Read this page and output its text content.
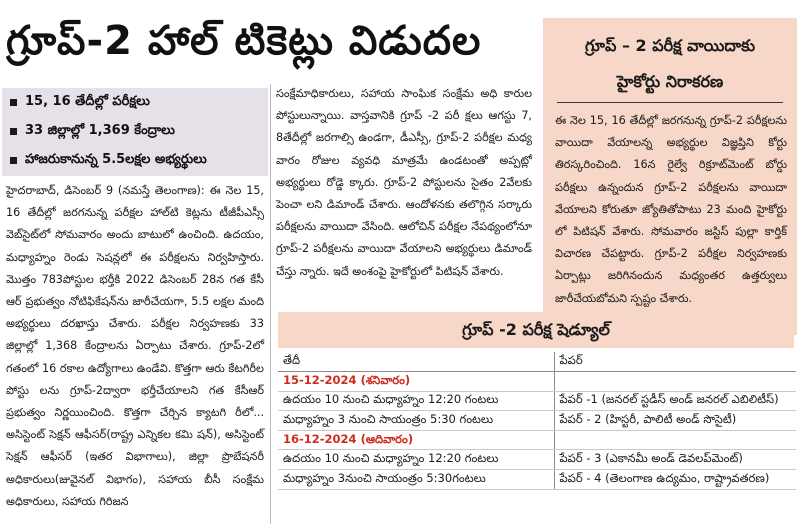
గ్రూప్‌-2 హాల్‌ టికెట్లు విడుదల
15, 16 తేదీల్లో పరీక్షలు
33 జిల్లాల్లో 1,369 కేంద్రాలు
హాజరుకానున్న 5.5లక్షల అభ్యర్థులు

హైదరాబాద్‌, డిసెంబర్‌ 9 (నమస్తే తెలంగాణ): ఈ నెల 15, 16 తేదీల్లో జరగనున్న పరీక్షల హాల్‌టి కెట్లను టీజీపీఎస్సీ వెబ్‌సైట్‌లో సోమవారం అందు బాటులో ఉంచింది. ఉదయం, మధ్యాహ్నం రెండు సెషన్లలో ఈ పరీక్షలను నిర్వహిస్తారు. మొత్తం 783పోస్టుల భర్తీకి 2022 డిసెంబర్‌ 28న గత కేసీ ఆర్‌ ప్రభుత్వం నోటిఫికేషన్‌ను జారీచేయగా, 5.5 లక్షల మంది అభ్యర్థులు దరఖాస్తు చేశారు. పరీక్షల నిర్వహణకు 33 జిల్లాల్లో 1,368 కేంద్రాలను ఏర్పాటు చేశారు. గ్రూప్‌-2లో గతంలో 16 రకాల ఉద్యోగాలు ఉండేవి. కొత్తగా ఆరు కేటగిరీల పోస్టు లను గ్రూప్‌-2ద్వారా భర్తీచేయాలని గత కేసీఆర్‌ ప్రభుత్వం నిర్ణయించింది. కొత్తగా చేర్చిన క్యాటగి రీలో... అసిస్టెంట్‌ సెక్షన్‌ ఆఫీసర్‌(రాష్ట్ర ఎన్నికల కమి షన్‌), అసిస్టెంట్‌ సెక్షన్‌ ఆఫీసర్‌ (ఇతర విభాగాలు), జిల్లా ప్రొబేషనరీ అధికారులు(జువైనల్‌ విభాగం), సహాయ బీసీ సంక్షేమ అధికారులు, సహాయ గిరిజన

సంక్షేమాధికారులు, సహాయ సాంఘిక సంక్షేమ అధి కారుల పోస్టులున్నాయి. వాస్తవానికి గ్రూప్‌ -2 పరీ క్షలు ఆగస్టు 7, 8తేదీల్లో జరగాల్సి ఉండగా, డీఎస్సీ, గ్రూప్‌-2 పరీక్షల మధ్య వారం రోజుల వ్యవధి మాత్రమే ఉండటంతో అప్పట్లో అభ్యర్థులు రోడ్డె క్కారు. గ్రూప్‌-2 పోస్టులను సైతం 2వేలకు పెంచా లని డిమాండ్‌ చేశారు. ఆందోళనకు తలొగ్గిన సర్కారు పరీక్షలను వాయిదా వేసింది. ఆలోచిన్‌ పరీక్షల నేపథ్యంలోనూ గ్రూప్‌-2 పరీక్షలను వాయిదా వేయాలని అభ్యర్థులు డిమాండ్‌ చేస్తు న్నారు. ఇదే అంశంపై హైకోర్టులో పిటిషన్‌ వేశారు.

గ్రూప్‌ – 2 పరీక్ష వాయిదాకు
హైకోర్టు నిరాకరణ
ఈ నెల 15, 16 తేదీల్లో జరగనున్న గ్రూప్‌-2 పరీక్షలను వాయిదా వేయాలన్న అభ్యర్థుల విజ్ఞప్తిని కోర్టు తిరస్కరించింది. 16న రైల్వే రిక్రూట్‌మెంట్‌ బోర్డు పరీక్షలు ఉన్నందున గ్రూప్‌-2 పరీక్షలను వాయిదా వేయాలని కోరుతూ జ్యోతితోపాటు 23 మంది హైకోర్టు లో పిటిషన్‌ వేశారు. సోమవారం జస్టిస్‌ పుల్లా కార్తిక్‌ విచారణ చేపట్టారు. గ్రూప్‌-2 పరీక్షల నిర్వహణకు ఏర్పాట్లు జరిగినందున మధ్యంతర ఉత్తర్వులు జారీచేయబోమని స్పష్టం చేశారు.
గ్రూప్‌ -2 పరీక్ష షెడ్యూల్‌
తేదీ	పేపర్‌
15-12-2024 (శనివారం)	
ఉదయం 10 నుంచి మధ్యాహ్నం 12:20 గంటలు	పేపర్‌ -1 (జనరల్‌ స్టడీస్‌ అండ్‌ జనరల్‌ ఎబిలిటీస్‌)
మధ్యాహ్నం 3 నుంచి సాయంత్రం 5:30 గంటలు	పేపర్‌ - 2 (హిస్టరీ, పాలిటీ అండ్‌ సొసైటీ)
16-12-2024 (ఆదివారం)	
ఉదయం 10 నుంచి మధ్యాహ్నం 12:20 గంటలు	పేపర్‌ - 3 (ఎకానమీ అండ్‌ డెవలప్‌మెంట్‌)
మధ్యాహ్నం 3నుంచి సాయంత్రం 5:30గంటలు	పేపర్‌ - 4 (తెలంగాణ ఉద్యమం, రాష్ట్రావతరణ)
